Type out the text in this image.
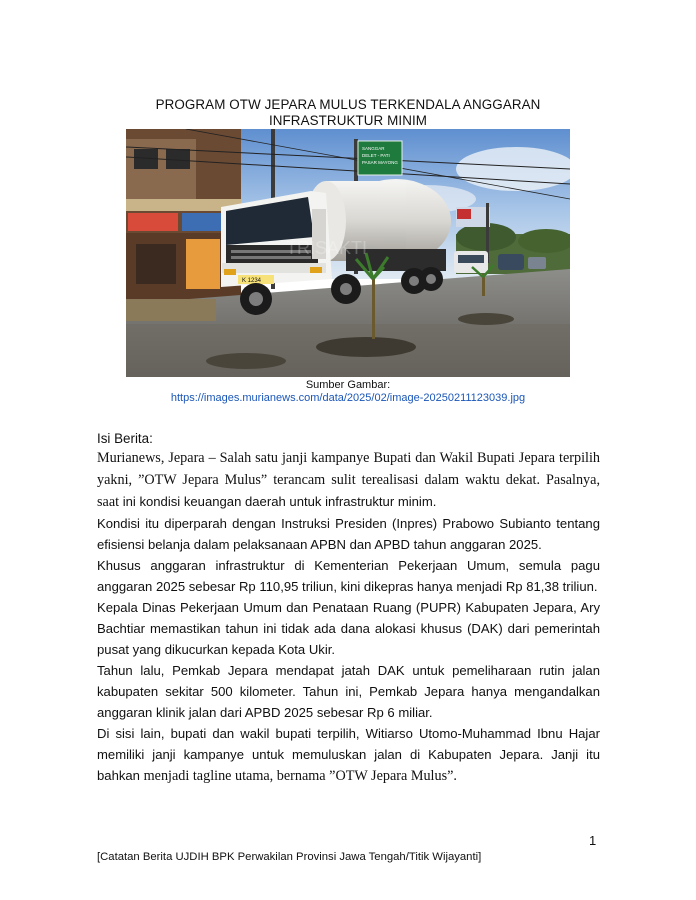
PROGRAM OTW JEPARA MULUS TERKENDALA ANGGARAN
INFRASTRUKTUR MINIM
SANGGAR
DELET - PATI
PASAR MAYONG
K 1234
TRISAKTI
Sumber Gambar:
https://images.murianews.com/data/2025/02/image-20250211123039.jpg
Isi Berita:

Murianews, Jepara – Salah satu janji kampanye Bupati dan Wakil Bupati Jepara terpilih yakni, ”OTW Jepara Mulus” terancam sulit terealisasi dalam waktu dekat. Pasalnya, saat ini kondisi keuangan daerah untuk infrastruktur minim.

Kondisi itu diperparah dengan Instruksi Presiden (Inpres) Prabowo Subianto tentang efisiensi belanja dalam pelaksanaan APBN dan APBD tahun anggaran 2025.

Khusus anggaran infrastruktur di Kementerian Pekerjaan Umum, semula pagu anggaran 2025 sebesar Rp 110,95 triliun, kini dikepras hanya menjadi Rp 81,38 triliun.

Kepala Dinas Pekerjaan Umum dan Penataan Ruang (PUPR) Kabupaten Jepara, Ary Bachtiar memastikan tahun ini tidak ada dana alokasi khusus (DAK) dari pemerintah pusat yang dikucurkan kepada Kota Ukir.

Tahun lalu, Pemkab Jepara mendapat jatah DAK untuk pemeliharaan rutin jalan kabupaten sekitar 500 kilometer. Tahun ini, Pemkab Jepara hanya mengandalkan anggaran klinik jalan dari APBD 2025 sebesar Rp 6 miliar.

Di sisi lain, bupati dan wakil bupati terpilih, Witiarso Utomo-Muhammad Ibnu Hajar memiliki janji kampanye untuk memuluskan jalan di Kabupaten Jepara. Janji itu bahkan menjadi tagline utama, bernama ”OTW Jepara Mulus”.

1
[Catatan Berita UJDIH BPK Perwakilan Provinsi Jawa Tengah/Titik Wijayanti]
